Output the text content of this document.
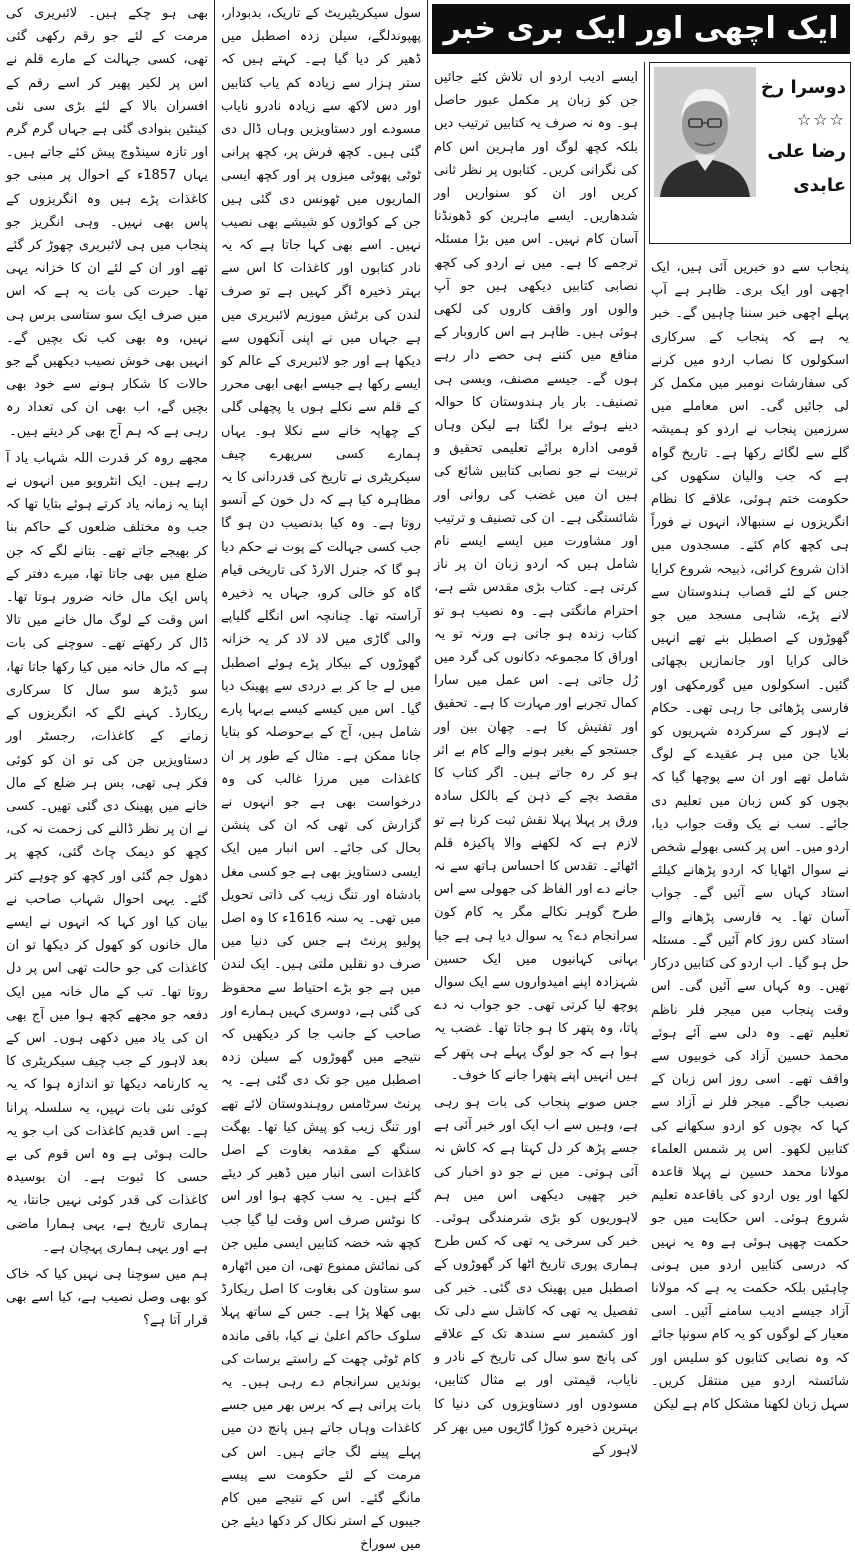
بھی ہو چکے ہیں۔ لائبریری کی مرمت کے لئے جو رقم رکھی گئی تھی، کسی جہالت کے مارے قلم نے اس پر لکیر پھیر کر اسے رقم کے افسران بالا کے لئے بڑی سی نئی کینٹین بنوادی گئی ہے جہاں گرم گرم اور تازہ سینڈوچ پیش کئے جاتے ہیں۔ یہاں 1857ء کے احوال پر مبنی جو کاغذات پڑے ہیں وہ انگریزوں کے پاس بھی نہیں۔ وہی انگریز جو پنجاب میں ہی لائبریری چھوڑ کر گئے تھے اور ان کے لئے ان کا خزانہ یہی تھا۔ حیرت کی بات یہ ہے کہ اس میں صرف ایک سو ستاسی برس ہی نہیں، وہ بھی کب تک بچیں گے۔ انہیں بھی خوش نصیب دیکھیں گے جو حالات کا شکار ہونے سے خود بھی بچیں گے، اب بھی ان کی تعداد رہ رہی ہے کہ ہم آج بھی کر دیتے ہیں۔

مجھے روہ کر قدرت اللہ شہاب یاد آ رہے ہیں۔ ایک انٹرویو میں انہوں نے اپنا یہ زمانہ یاد کرتے ہوئے بتایا تھا کہ جب وہ مختلف ضلعوں کے حاکم بنا کر بھیجے جاتے تھے۔ بتانے لگے کہ جن ضلع میں بھی جاتا تھا، میرے دفتر کے پاس ایک مال خانہ ضرور ہوتا تھا۔ اس وقت کے لوگ مال خانے میں تالا ڈال کر رکھتے تھے۔ سوچنے کی بات ہے کہ مال خانہ میں کیا رکھا جاتا تھا، سو ڈیڑھ سو سال کا سرکاری ریکارڈ۔ کہنے لگے کہ انگریزوں کے زمانے کے کاغذات، رجسٹر اور دستاویزیں جن کی تو ان کو کوئی فکر ہی تھی، بس ہر ضلع کے مال خانے میں پھینک دی گئی تھیں۔ کسی نے ان پر نظر ڈالنے کی زحمت نہ کی، کچھ کو دیمک چاٹ گئی، کچھ پر دھول جم گئی اور کچھ کو چوہے کتر گئے۔ یہی احوال شہاب صاحب نے بیان کیا اور کہا کہ انہوں نے ایسے مال خانوں کو کھول کر دیکھا تو ان کاغذات کی جو حالت تھی اس پر دل روتا تھا۔ تب کے مال خانہ میں ایک دفعہ جو مجھے کچھ ہوا میں آج بھی ان کی یاد میں دکھی ہوں۔ اس کے بعد لاہور کے جب چیف سیکریٹری کا یہ کارنامہ دیکھا تو اندازہ ہوا کہ یہ کوئی نئی بات نہیں، یہ سلسلہ پرانا ہے۔ اس قدیم کاغذات کی اب جو یہ حالت ہوئی ہے وہ اس قوم کی بے حسی کا ثبوت ہے۔ ان بوسیدہ کاغذات کی قدر کوئی نہیں جانتا، یہ ہماری تاریخ ہے، یہی ہمارا ماضی ہے اور یہی ہماری پہچان ہے۔

ہم میں سوچنا ہی نہیں کیا کہ خاک کو بھی وصل نصیب ہے، کیا اسے بھی قرار آتا ہے؟

سول سیکریٹیریٹ کے تاریک، بدبودار، پھپوندلگے، سیلن زدہ اصطبل میں ڈھیر کر دیا گیا ہے۔ کہتے ہیں کہ ستر ہزار سے زیادہ کم یاب کتابیں اور دس لاکھ سے زیادہ نادرو نایاب مسودے اور دستاویزیں وہاں ڈال دی گئی ہیں۔ کچھ فرش پر، کچھ پرانی ٹوٹی پھوٹی میزوں پر اور کچھ ایسی الماریوں میں ٹھونس دی گئی ہیں جن کے کواڑوں کو شیشے بھی نصیب نہیں۔ اسے بھی کہا جاتا ہے کہ یہ نادر کتابوں اور کاغذات کا اس سے بہتر ذخیرہ اگر کہیں ہے تو صرف لندن کی برٹش میوزیم لائبریری میں ہے جہاں میں نے اپنی آنکھوں سے دیکھا ہے اور جو لائبریری کے عالم کو ایسے رکھا ہے جیسے ابھی ابھی محرر کے قلم سے نکلے ہوں یا پچھلی گلی کے چھاپہ خانے سے نکلا ہو۔ یہاں ہمارے کسی سرپھرے چیف سیکریٹری نے تاریخ کی قدردانی کا یہ مظاہرہ کیا ہے کہ دل خون کے آنسو روتا ہے۔ وہ کیا بدنصیب دن ہو گا جب کسی جہالت کے پوت نے حکم دیا ہو گا کہ جنرل الارڈ کی تاریخی قیام گاہ کو خالی کرو، جہاں یہ ذخیرہ آراستہ تھا۔ چنانچہ اس انگلے گلیاپے والی گاڑی میں لاد لاد کر یہ خزانہ گھوڑوں کے بیکار پڑے ہوئے اصطبل میں لے جا کر بے دردی سے پھینک دیا گیا۔ اس میں کیسے کیسے بےبہا پارے شامل ہیں، آج کے بےحوصلہ کو بتایا جانا ممکن ہے۔ مثال کے طور پر ان کاغذات میں مرزا غالب کی وہ درخواست بھی ہے جو انہوں نے گزارش کی تھی کہ ان کی پنشن بحال کی جائے۔ اس انبار میں ایک ایسی دستاویز بھی ہے جو کسی مغل بادشاہ اور تنگ زیب کی ذاتی تحویل میں تھی۔ یہ سنہ 1616ء کا وہ اصل پولیو پرنٹ ہے جس کی دنیا میں صرف دو نقلیں ملتی ہیں۔ ایک لندن میں ہے جو بڑے احتیاط سے محفوظ کی گئی ہے، دوسری کہیں ہمارے اور صاحب کے جانب جا کر دیکھیں کہ نتیجے میں گھوڑوں کے سیلن زدہ اصطبل میں جو تک دی گئی ہے۔ یہ پرنٹ سرٹامس روہندوستان لائے تھے اور تنگ زیب کو پیش کیا تھا۔ بھگت سنگھ کے مقدمہ بغاوت کے اصل کاغذات اسی انبار میں ڈھیر کر دیئے گئے ہیں۔ یہ سب کچھ ہوا اور اس کا نوٹس صرف اس وقت لیا گیا جب کچھ شہ خضہ کتابیں ایسی ملیں جن کی نمائش ممنوع تھی، ان میں اٹھارہ سو ستاون کی بغاوت کا اصل ریکارڈ بھی کھلا پڑا ہے۔ جس کے ساتھ پہلا سلوک حاکم اعلیٰ نے کیا، باقی ماندہ کام ٹوٹی چھت کے راستے برسات کی بوندیں سرانجام دے رہی ہیں۔ یہ بات پرانی ہے کہ برس بھر میں جسے کاغذات وہاں جاتے ہیں پانچ دن میں پہلے پینے لگ جاتے ہیں۔ اس کی مرمت کے لئے حکومت سے پیسے مانگے گئے۔ اس کے نتیجے میں کام جیبوں کے استر نکال کر دکھا دیئے جن میں سوراخ

ایک اچھی اور ایک بری خبر

ایسے ادیب اردو اں تلاش کئے جائیں جن کو زبان پر مکمل عبور حاصل ہو۔ وہ نہ صرف یہ کتابیں ترتیب دیں بلکہ کچھ لوگ اور ماہرین اس کام کی نگرانی کریں۔ کتابوں پر نظر ثانی کریں اور ان کو سنواریں اور شدھاریں۔ ایسے ماہرین کو ڈھونڈنا آسان کام نہیں۔ اس میں بڑا مسئلہ ترجمے کا ہے۔ میں نے اردو کی کچھ نصابی کتابیں دیکھی ہیں جو آپ والوں اور واقف کاروں کی لکھی ہوئی ہیں۔ ظاہر ہے اس کاروبار کے منافع میں کتنے ہی حصے دار رہے ہوں گے۔ جیسے مصنف، ویسی ہی تصنیف۔ بار بار ہندوستان کا حوالہ دینے ہوئے برا لگتا ہے لیکن وہاں قومی ادارہ برائے تعلیمی تحقیق و تربیت نے جو نصابی کتابیں شائع کی ہیں ان میں غضب کی روانی اور شائستگی ہے۔ ان کی تصنیف و ترتیب اور مشاورت میں ایسے ایسے نام شامل ہیں کہ اردو زبان ان پر ناز کرتی ہے۔ کتاب بڑی مقدس شے ہے، احترام مانگتی ہے۔ وہ نصیب ہو تو کتاب زندہ ہو جاتی ہے ورنہ تو یہ اوراق کا مجموعہ دکانوں کی گرد میں رُل جاتی ہے۔ اس عمل میں سارا کمال تجربے اور مہارت کا ہے۔ تحقیق اور تفتیش کا ہے۔ چھان بین اور جستجو کے بغیر ہونے والے کام بے اثر ہو کر رہ جاتے ہیں۔ اگر کتاب کا مقصد بچے کے ذہن کے بالکل سادہ ورق پر پہلا پہلا نقش ثبت کرنا ہے تو لازم ہے کہ لکھنے والا پاکیزہ قلم اٹھائے۔ تقدس کا احساس ہاتھ سے نہ جانے دے اور الفاظ کی جھولی سے اس طرح گوہر نکالے مگر یہ کام کون سرانجام دے؟ یہ سوال دیا ہی ہے جیا بہانی کہانیوں میں ایک حسین شہزادہ اپنے امیدواروں سے ایک سوال پوچھ لیا کرتی تھی۔ جو جواب نہ دے پاتا، وہ پتھر کا ہو جاتا تھا۔ غضب یہ ہوا ہے کہ جو لوگ پہلے ہی پتھر کے ہیں انہیں اپنے پتھرا جانے کا خوف۔

جس صوبے پنجاب کی بات ہو رہی ہے، وہیں سے اب ایک اور خبر آئی ہے جسے پڑھ کر دل کہتا ہے کہ کاش نہ آئی ہوتی۔ میں نے جو دو اخبار کی خبر چھپی دیکھی اس میں ہم لاہوریوں کو بڑی شرمندگی ہوئی۔ خبر کی سرخی یہ تھی کہ کس طرح ہماری پوری تاریخ اٹھا کر گھوڑوں کے اصطبل میں پھینک دی گئی۔ خبر کی تفصیل یہ تھی کہ کاشل سے دلی تک اور کشمیر سے سندھ تک کے علاقے کی پانچ سو سال کی تاریخ کے نادر و نایاب، قیمتی اور بے مثال کتابیں، مسودوں اور دستاویزوں کی دنیا کا بہترین ذخیرہ کوڑا گاڑیوں میں بھر کر لاہور کے

دوسرا رخ
☆☆☆
رضا علی عابدی

پنجاب سے دو خبریں آئی ہیں، ایک اچھی اور ایک بری۔ ظاہر ہے آپ پہلے اچھی خبر سننا چاہیں گے۔ خبر یہ ہے کہ پنجاب کے سرکاری اسکولوں کا نصاب اردو میں کرنے کی سفارشات نومبر میں مکمل کر لی جائیں گی۔ اس معاملے میں سرزمین پنجاب نے اردو کو ہمیشہ گلے سے لگائے رکھا ہے۔ تاریخ گواہ ہے کہ جب والیان سکھوں کی حکومت ختم ہوئی، علاقے کا نظام انگریزوں نے سنبھالا، انہوں نے فوراً ہی کچھ کام کئے۔ مسجدوں میں اذان شروع کرائی، ذبیحہ شروع کرایا جس کے لئے قصاب ہندوستان سے لانے پڑے، شاہی مسجد میں جو گھوڑوں کے اصطبل بنے تھے انہیں خالی کرایا اور جانمازیں بچھائی گئیں۔ اسکولوں میں گورمکھی اور فارسی پڑھائی جا رہی تھی۔ حکام نے لاہور کے سرکردہ شہریوں کو بلایا جن میں ہر عقیدے کے لوگ شامل تھے اور ان سے پوچھا گیا کہ بچوں کو کس زبان میں تعلیم دی جائے۔ سب نے یک وقت جواب دیا، اردو میں۔ اس پر کسی بھولے شخص نے سوال اٹھایا کہ اردو پڑھانے کیلئے استاد کہاں سے آئیں گے۔ جواب آسان تھا۔ یہ فارسی پڑھانے والے استاد کس روز کام آئیں گے۔ مسئلہ حل ہو گیا۔ اب اردو کی کتابیں درکار تھیں۔ وہ کہاں سے آئیں گی۔ اس وقت پنجاب میں میجر فلر ناظم تعلیم تھے۔ وہ دلی سے آئے ہوئے محمد حسین آزاد کی خوبیوں سے واقف تھے۔ اسی روز اس زبان کے نصیب جاگے۔ میجر فلر نے آزاد سے کہا کہ بچوں کو اردو سکھانے کی کتابیں لکھو۔ اس پر شمس العلماء مولانا محمد حسین نے پہلا قاعدہ لکھا اور یوں اردو کی باقاعدہ تعلیم شروع ہوئی۔ اس حکایت میں جو حکمت چھپی ہوئی ہے وہ یہ نہیں کہ درسی کتابیں اردو میں ہونی چاہئیں بلکہ حکمت یہ ہے کہ مولانا آزاد جیسے ادیب سامنے آئیں۔ اسی معیار کے لوگوں کو یہ کام سونپا جائے کہ وہ نصابی کتابوں کو سلیس اور شائستہ اردو میں منتقل کریں۔ سہل زبان لکھنا مشکل کام ہے لیکن
